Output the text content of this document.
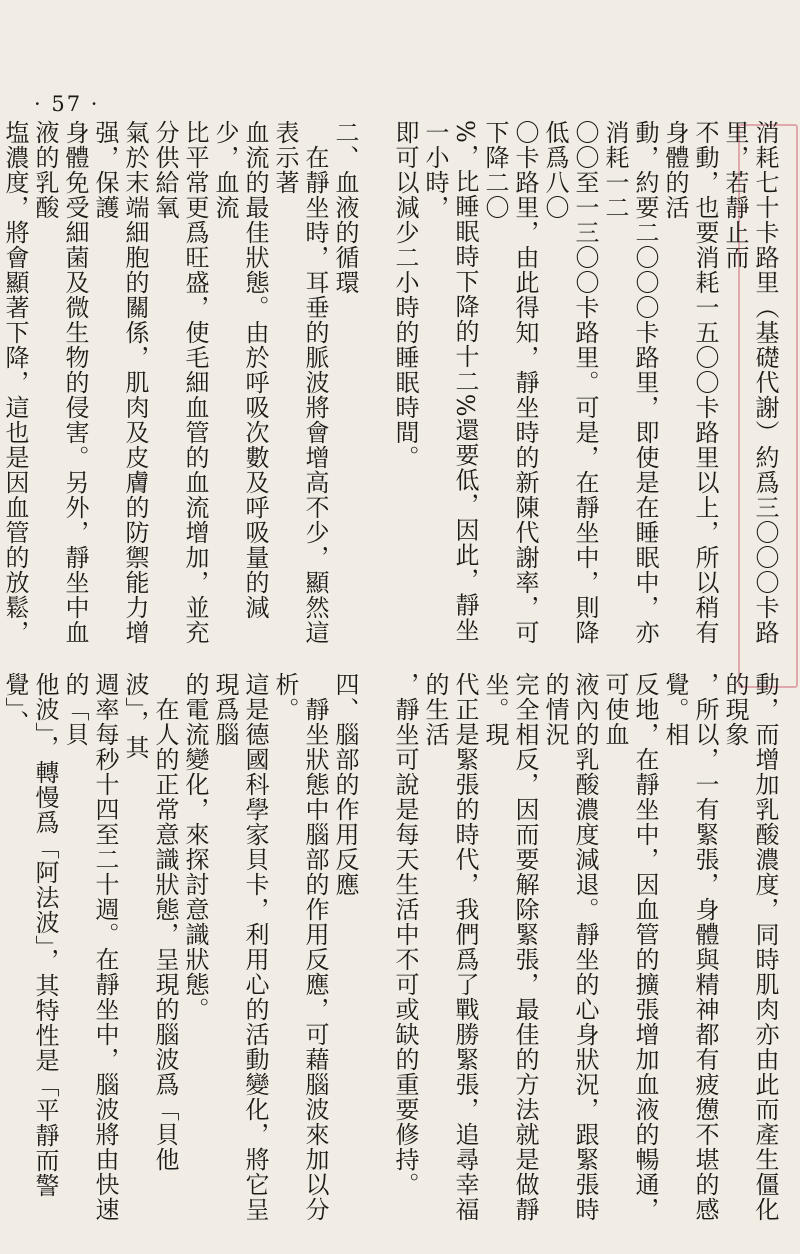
· 57 ·
消耗七十卡路里（基礎代謝）約爲三〇〇〇卡路里，若靜止而
不動，也要消耗一五〇〇卡路里以上，所以稍有身體的活
動，約要二〇〇〇卡路里，即使是在睡眠中，亦消耗一二
〇〇至一三〇〇卡路里。可是，在靜坐中，則降低爲八〇
〇卡路里，由此得知，靜坐時的新陳代謝率，可下降二〇
%，比睡眠時下降的十二%還要低，因此，靜坐一小時，
即可以減少二小時的睡眠時間。

二、血液的循環
　在靜坐時，耳垂的脈波將會增高不少，顯然這表示著
血流的最佳狀態。由於呼吸次數及呼吸量的減少，血流
比平常更爲旺盛，使毛細血管的血流增加，並充分供給氧
氣於末端細胞的關係，肌肉及皮膚的防禦能力增强，保護
身體免受細菌及微生物的侵害。另外，靜坐中血液的乳酸
塩濃度，將會顯著下降，這也是因血管的放鬆，

動，而增加乳酸濃度，同時肌肉亦由此而產生僵化的現象
，所以，一有緊張，身體與精神都有疲憊不堪的感覺。相
反地，在靜坐中，因血管的擴張增加血液的暢通，可使血
液內的乳酸濃度減退。靜坐的心身狀況，跟緊張時的情況
完全相反，因而要解除緊張，最佳的方法就是做靜坐。現
代正是緊張的時代，我們爲了戰勝緊張，追尋幸福的生活
，靜坐可說是每天生活中不可或缺的重要修持。

四、腦部的作用反應
　靜坐狀態中腦部的作用反應，可藉腦波來加以分析。
這是德國科學家貝卡，利用心的活動變化，將它呈現爲腦
的電流變化，來探討意識狀態。
　在人的正常意識狀態，呈現的腦波爲「貝他波」，其
週率每秒十四至二十週。在靜坐中，腦波將由快速的「貝
他波」，轉慢爲「阿法波」，其特性是「平靜而警覺」、
